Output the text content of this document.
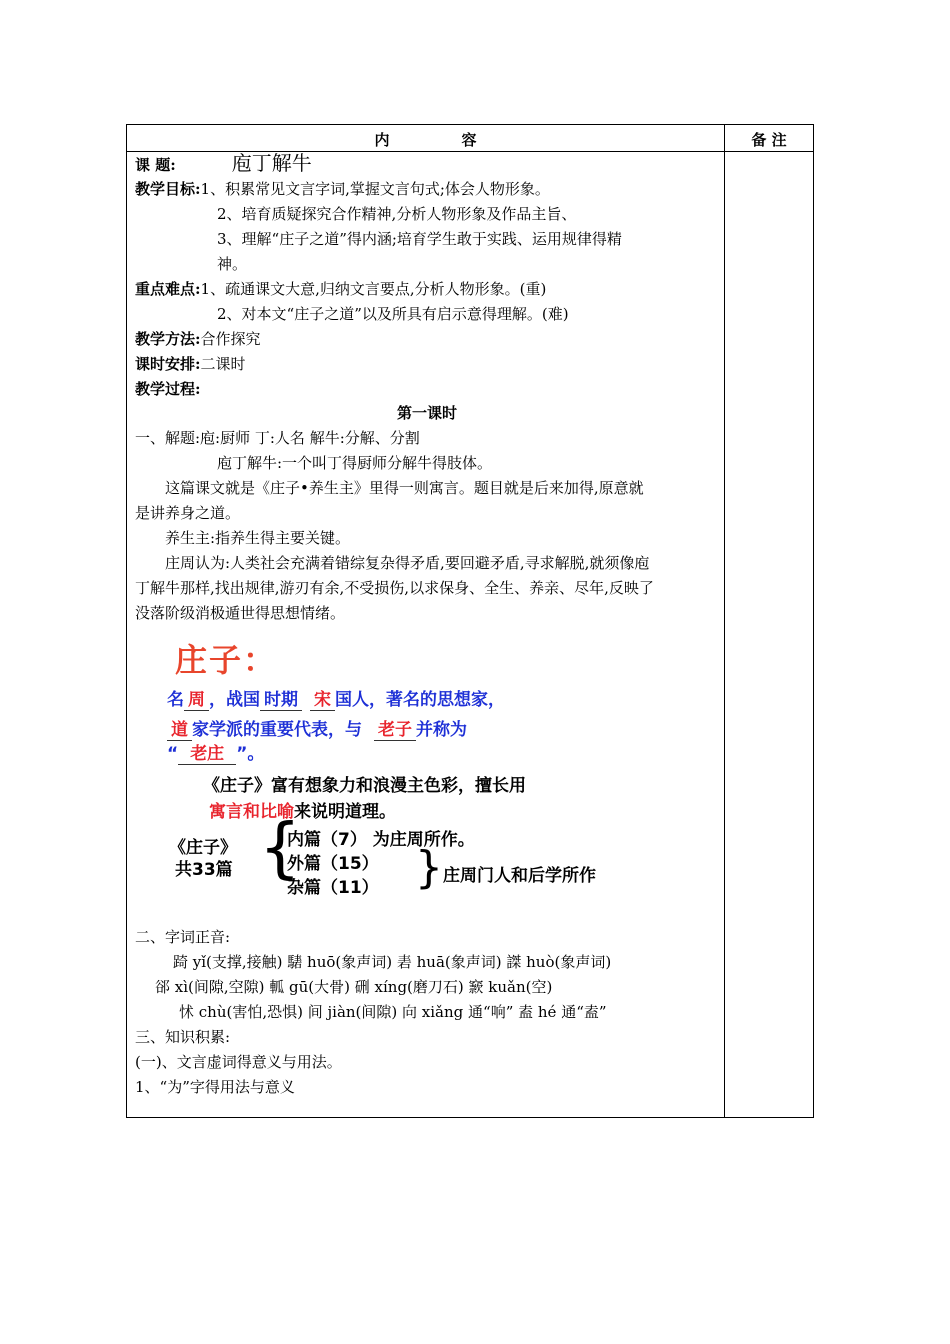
内	容	备 注
课 题:	庖丁解牛
教学目标:1、积累常见文言字词,掌握文言句式;体会人物形象。
2、培育质疑探究合作精神,分析人物形象及作品主旨、
3、理解“庄子之道”得内涵;培育学生敢于实践、运用规律得精
神。
重点难点:1、疏通课文大意,归纳文言要点,分析人物形象。(重)
2、对本文“庄子之道”以及所具有启示意得理解。(难)
教学方法:合作探究
课时安排:二课时
教学过程:
第一课时
一、解题:庖:厨师 丁:人名 解牛:分解、分割
庖丁解牛:一个叫丁得厨师分解牛得肢体。
这篇课文就是《庄子•养生主》里得一则寓言。题目就是后来加得,原意就
是讲养身之道。
养生主:指养生得主要关键。
庄周认为:人类社会充满着错综复杂得矛盾,要回避矛盾,寻求解脱,就须像庖
丁解牛那样,找出规律,游刃有余,不受损伤,以求保身、全生、养亲、尽年,反映了
没落阶级消极遁世得思想情绪。
二、字词正音:
踦 yǐ(支撑,接触) 騞 huō(象声词) 砉 huā(象声词) 謋 huò(象声词)
郤 xì(间隙,空隙) 軱 gū(大骨) 硎 xíng(磨刀石) 窾 kuǎn(空)
怵 chù(害怕,恐惧) 间 jiàn(间隙) 向 xiǎng 通“响” 盍 hé 通“盍”
三、知识积累:
(一)、文言虚词得意义与用法。
1、“为”字得用法与意义
庄子：
名 周 ，战国 时期 宋 国人，著名的思想家，
道 家学派的重要代表，与 老子 并称为
“ 老庄 ”。
《庄子》富有想象力和浪漫主色彩，擅长用
寓言和比喻来说明道理。
《庄子》
共33篇 {
内篇（7） 为庄周所作。
外篇（15）
杂篇（11） } 庄周门人和后学所作
